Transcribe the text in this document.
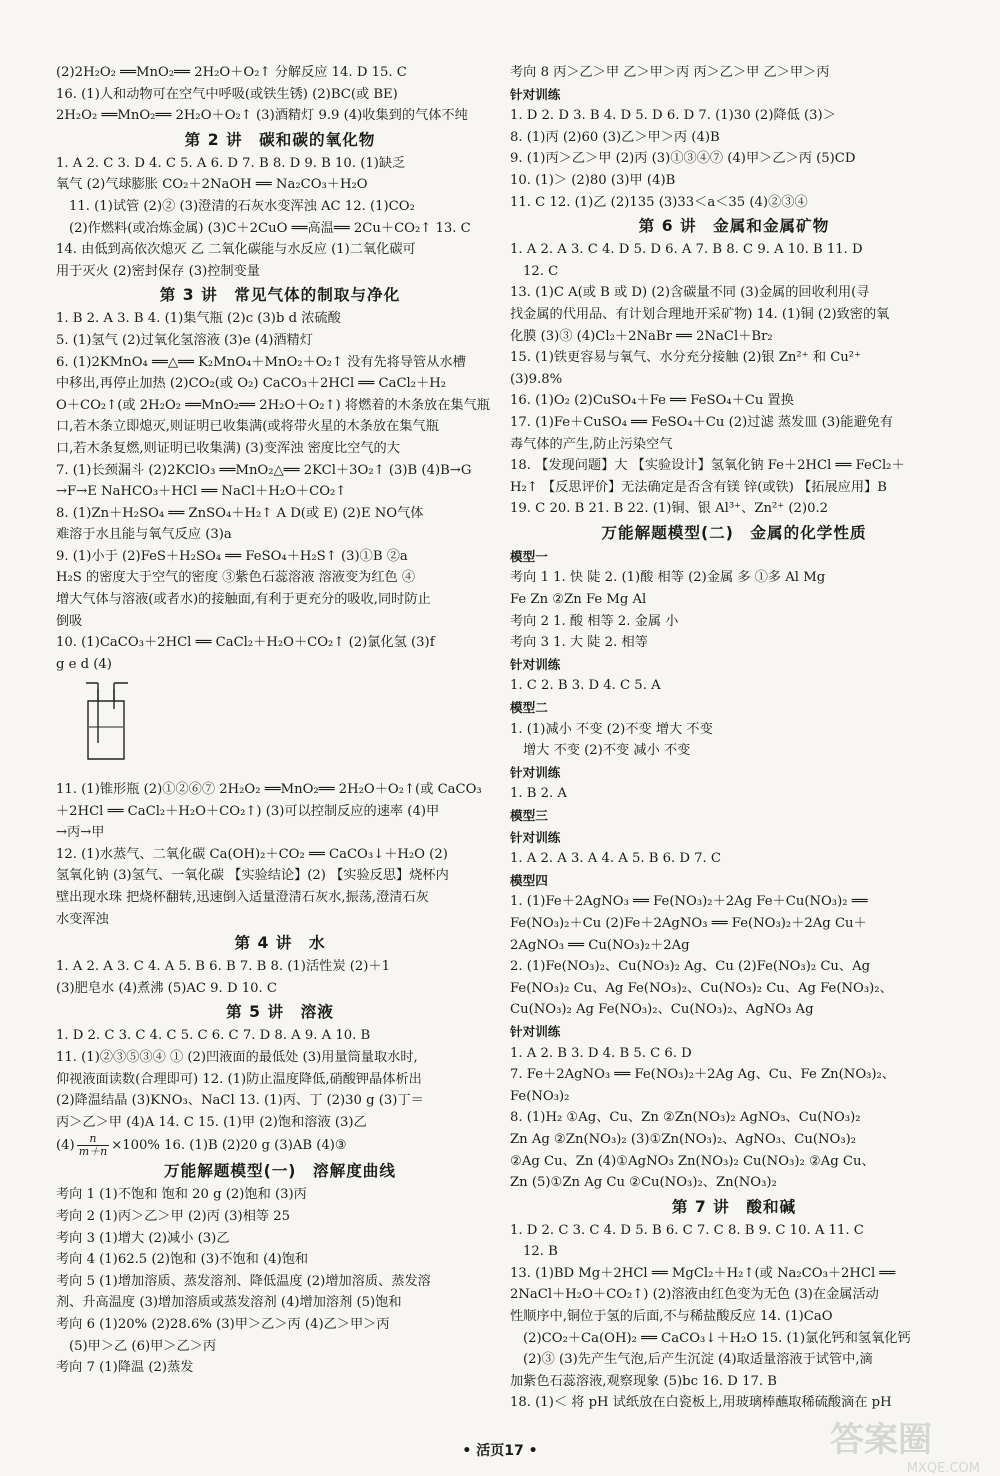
(2)2H₂O₂ ══MnO₂══ 2H₂O＋O₂↑ 分解反应 14. D 15. C
16. (1)人和动物可在空气中呼吸(或铁生锈) (2)BC(或 BE)
2H₂O₂ ══MnO₂══ 2H₂O＋O₂↑ (3)酒精灯 9.9 (4)收集到的气体不纯
第 2 讲　碳和碳的氧化物
1. A 2. C 3. D 4. C 5. A 6. D 7. B 8. D 9. B 10. (1)缺乏
氧气 (2)气球膨胀 CO₂＋2NaOH ══ Na₂CO₃＋H₂O
11. (1)试管 (2)② (3)澄清的石灰水变浑浊 AC 12. (1)CO₂
(2)作燃料(或冶炼金属) (3)C＋2CuO ══高温══ 2Cu＋CO₂↑ 13. C
14. 由低到高依次熄灭 乙 二氧化碳能与水反应 (1)二氧化碳可
用于灭火 (2)密封保存 (3)控制变量
第 3 讲　常见气体的制取与净化
1. B 2. A 3. B 4. (1)集气瓶 (2)c (3)b d 浓硫酸
5. (1)氢气 (2)过氧化氢溶液 (3)e (4)酒精灯
6. (1)2KMnO₄ ══△══ K₂MnO₄＋MnO₂＋O₂↑ 没有先将导管从水槽
中移出,再停止加热 (2)CO₂(或 O₂) CaCO₃＋2HCl ══ CaCl₂＋H₂
O＋CO₂↑(或 2H₂O₂ ══MnO₂══ 2H₂O＋O₂↑) 将燃着的木条放在集气瓶
口,若木条立即熄灭,则证明已收集满(或将带火星的木条放在集气瓶
口,若木条复燃,则证明已收集满) (3)变浑浊 密度比空气的大
7. (1)长颈漏斗 (2)2KClO₃ ══MnO₂△══ 2KCl＋3O₂↑ (3)B (4)B→G
→F→E NaHCO₃＋HCl ══ NaCl＋H₂O＋CO₂↑
8. (1)Zn＋H₂SO₄ ══ ZnSO₄＋H₂↑ A D(或 E) (2)E NO气体
难溶于水且能与氧气反应 (3)a
9. (1)小于 (2)FeS＋H₂SO₄ ══ FeSO₄＋H₂S↑ (3)①B ②a
H₂S 的密度大于空气的密度 ③紫色石蕊溶液 溶液变为红色 ④
增大气体与溶液(或者水)的接触面,有利于更充分的吸收,同时防止
倒吸
10. (1)CaCO₃＋2HCl ══ CaCl₂＋H₂O＋CO₂↑ (2)氯化氢 (3)f
g e d (4)
11. (1)锥形瓶 (2)①②⑥⑦ 2H₂O₂ ══MnO₂══ 2H₂O＋O₂↑(或 CaCO₃
＋2HCl ══ CaCl₂＋H₂O＋CO₂↑) (3)可以控制反应的速率 (4)甲
→丙→甲
12. (1)水蒸气、二氧化碳 Ca(OH)₂＋CO₂ ══ CaCO₃↓＋H₂O (2)
氢氧化钠 (3)氢气、一氧化碳 【实验结论】(2) 【实验反思】烧杯内
壁出现水珠 把烧杯翻转,迅速倒入适量澄清石灰水,振荡,澄清石灰
水变浑浊
第 4 讲　水
1. A 2. A 3. C 4. A 5. B 6. B 7. B 8. (1)活性炭 (2)＋1
(3)肥皂水 (4)煮沸 (5)AC 9. D 10. C
第 5 讲　溶液
1. D 2. C 3. C 4. C 5. C 6. C 7. D 8. A 9. A 10. B
11. (1)②③⑤③④ ① (2)凹液面的最低处 (3)用量筒量取水时,
仰视液面读数(合理即可) 12. (1)防止温度降低,硝酸钾晶体析出
(2)降温结晶 (3)KNO₃、NaCl 13. (1)丙、丁 (2)30 g (3)丁＝
丙＞乙＞甲 (4)A 14. C 15. (1)甲 (2)饱和溶液 (3)乙
$(4) \frac{n}{m+n} \times 100\%$ 16. (1)B (2)20 g (3)AB (4)③
万能解题模型(一)　溶解度曲线
考向 1 (1)不饱和 饱和 20 g (2)饱和 (3)丙
考向 2 (1)丙＞乙＞甲 (2)丙 (3)相等 25
考向 3 (1)增大 (2)减小 (3)乙
考向 4 (1)62.5 (2)饱和 (3)不饱和 (4)饱和
考向 5 (1)增加溶质、蒸发溶剂、降低温度 (2)增加溶质、蒸发溶
剂、升高温度 (3)增加溶质或蒸发溶剂 (4)增加溶剂 (5)饱和
考向 6 (1)20% (2)28.6% (3)甲＞乙＞丙 (4)乙＞甲＞丙
(5)甲＞乙 (6)甲＞乙＞丙
考向 7 (1)降温 (2)蒸发
考向 8 丙＞乙＞甲 乙＞甲＞丙 丙＞乙＞甲 乙＞甲＞丙
针对训练
1. D 2. D 3. B 4. D 5. D 6. D 7. (1)30 (2)降低 (3)＞
8. (1)丙 (2)60 (3)乙＞甲＞丙 (4)B
9. (1)丙＞乙＞甲 (2)丙 (3)①③④⑦ (4)甲＞乙＞丙 (5)CD
10. (1)＞ (2)80 (3)甲 (4)B
11. C 12. (1)乙 (2)135 (3)33＜a＜35 (4)②③④
第 6 讲　金属和金属矿物
1. A 2. A 3. C 4. D 5. D 6. A 7. B 8. C 9. A 10. B 11. D
12. C
13. (1)C A(或 B 或 D) (2)含碳量不同 (3)金属的回收利用(寻
找金属的代用品、有计划合理地开采矿物) 14. (1)铜 (2)致密的氧
化膜 (3)③ (4)Cl₂＋2NaBr ══ 2NaCl＋Br₂
15. (1)铁更容易与氧气、水分充分接触 (2)银 Zn²⁺ 和 Cu²⁺
(3)9.8%
16. (1)O₂ (2)CuSO₄＋Fe ══ FeSO₄＋Cu 置换
17. (1)Fe＋CuSO₄ ══ FeSO₄＋Cu (2)过滤 蒸发皿 (3)能避免有
毒气体的产生,防止污染空气
18. 【发现问题】大 【实验设计】氢氧化钠 Fe＋2HCl ══ FeCl₂＋
H₂↑ 【反思评价】无法确定是否含有镁 锌(或铁) 【拓展应用】B
19. C 20. B 21. B 22. (1)铜、银 Al³⁺、Zn²⁺ (2)0.2
万能解题模型(二)　金属的化学性质
模型一
考向 1 1. 快 陡 2. (1)酸 相等 (2)金属 多 ①多 Al Mg
Fe Zn ②Zn Fe Mg Al
考向 2 1. 酸 相等 2. 金属 小
考向 3 1. 大 陡 2. 相等
针对训练
1. C 2. B 3. D 4. C 5. A
模型二
1. (1)减小 不变 (2)不变 增大 不变
增大 不变 (2)不变 减小 不变
针对训练
1. B 2. A
模型三
针对训练
1. A 2. A 3. A 4. A 5. B 6. D 7. C
模型四
1. (1)Fe＋2AgNO₃ ══ Fe(NO₃)₂＋2Ag Fe＋Cu(NO₃)₂ ══
Fe(NO₃)₂＋Cu (2)Fe＋2AgNO₃ ══ Fe(NO₃)₂＋2Ag Cu＋
2AgNO₃ ══ Cu(NO₃)₂＋2Ag
2. (1)Fe(NO₃)₂、Cu(NO₃)₂ Ag、Cu (2)Fe(NO₃)₂ Cu、Ag
Fe(NO₃)₂ Cu、Ag Fe(NO₃)₂、Cu(NO₃)₂ Cu、Ag Fe(NO₃)₂、
Cu(NO₃)₂ Ag Fe(NO₃)₂、Cu(NO₃)₂、AgNO₃ Ag
针对训练
1. A 2. B 3. D 4. B 5. C 6. D
7. Fe＋2AgNO₃ ══ Fe(NO₃)₂＋2Ag Ag、Cu、Fe Zn(NO₃)₂、
Fe(NO₃)₂
8. (1)H₂ ①Ag、Cu、Zn ②Zn(NO₃)₂ AgNO₃、Cu(NO₃)₂
Zn Ag ②Zn(NO₃)₂ (3)①Zn(NO₃)₂、AgNO₃、Cu(NO₃)₂
②Ag Cu、Zn (4)①AgNO₃ Zn(NO₃)₂ Cu(NO₃)₂ ②Ag Cu、
Zn (5)①Zn Ag Cu ②Cu(NO₃)₂、Zn(NO₃)₂
第 7 讲　酸和碱
1. D 2. C 3. C 4. D 5. B 6. C 7. C 8. B 9. C 10. A 11. C
12. B
13. (1)BD Mg＋2HCl ══ MgCl₂＋H₂↑(或 Na₂CO₃＋2HCl ══
2NaCl＋H₂O＋CO₂↑) (2)溶液由红色变为无色 (3)在金属活动
性顺序中,铜位于氢的后面,不与稀盐酸反应 14. (1)CaO
(2)CO₂＋Ca(OH)₂ ══ CaCO₃↓＋H₂O 15. (1)氯化钙和氢氧化钙
(2)③ (3)先产生气泡,后产生沉淀 (4)取适量溶液于试管中,滴
加紫色石蕊溶液,观察现象 (5)bc 16. D 17. B
18. (1)＜ 将 pH 试纸放在白瓷板上,用玻璃棒蘸取稀硫酸滴在 pH
• 活页17 •	答案圈
MXQE.COM
